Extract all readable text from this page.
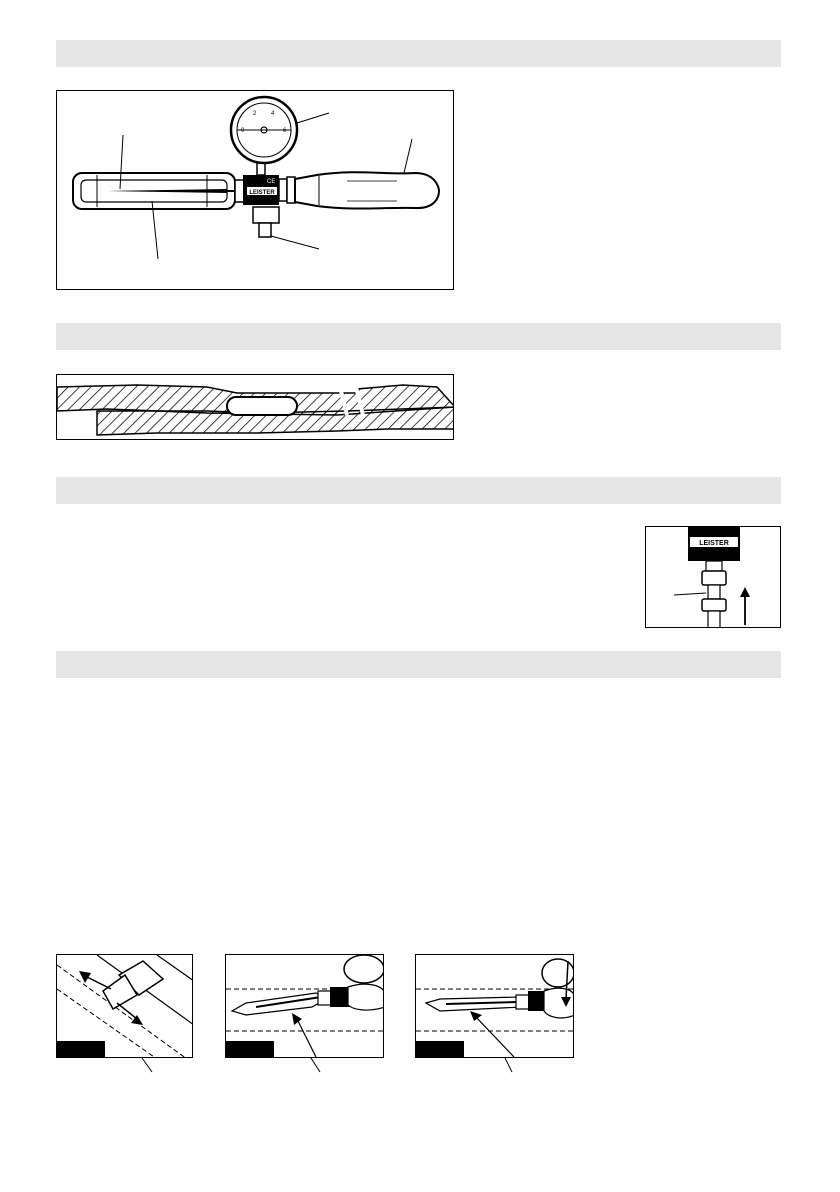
LEISTER
CE
2 4
6
0
LEISTER
